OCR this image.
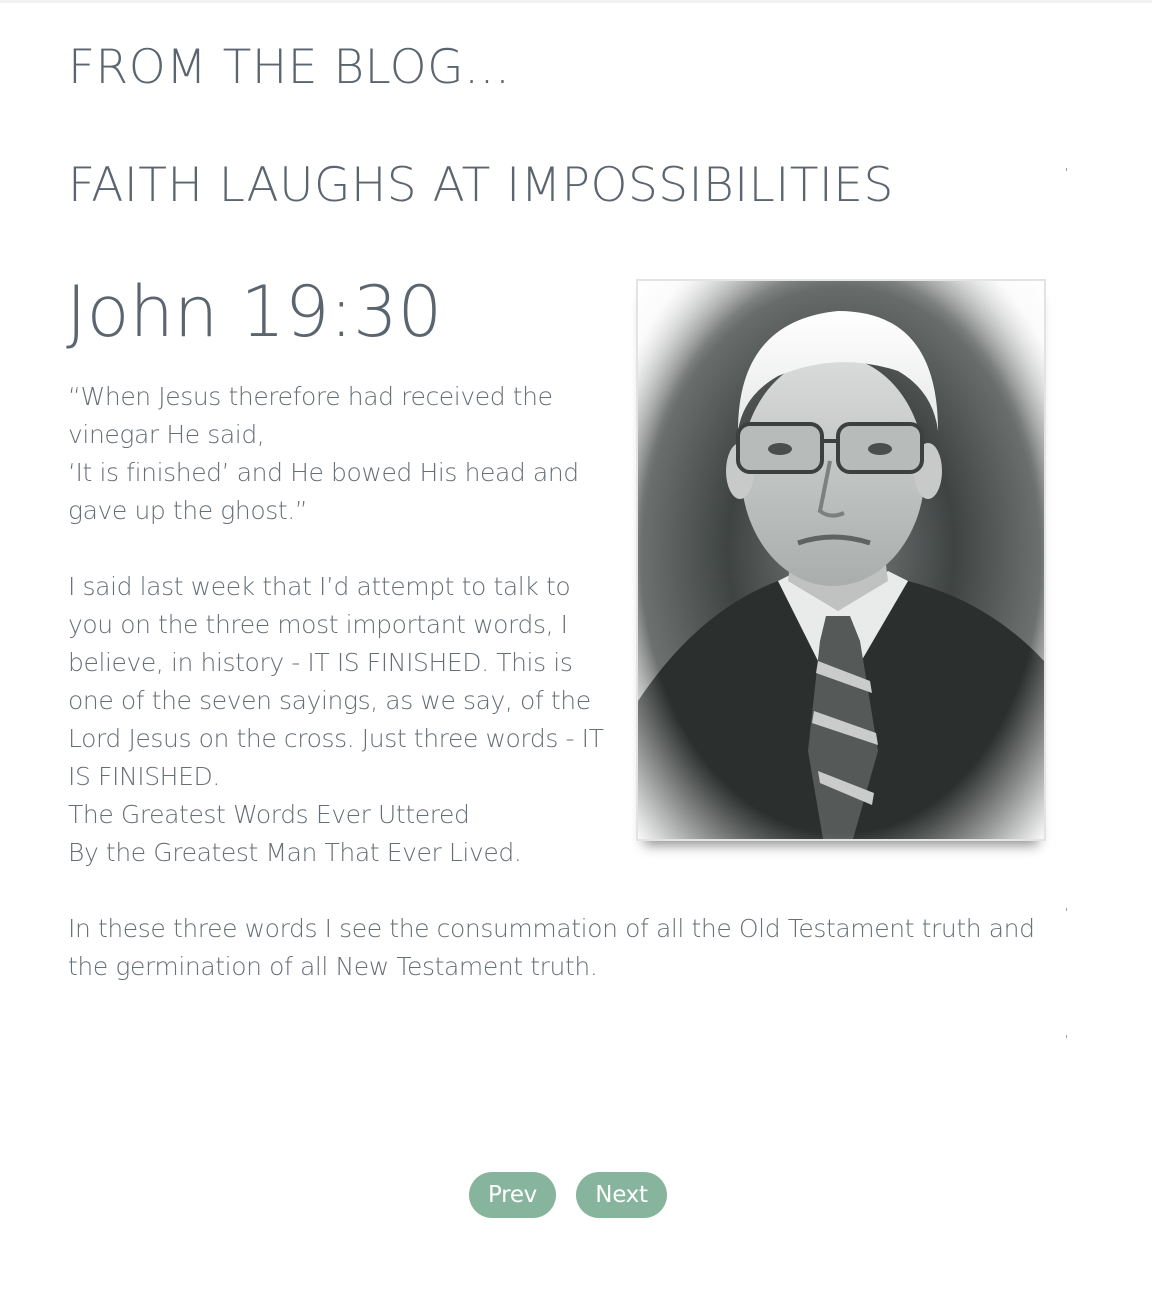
FROM THE BLOG...
FAITH LAUGHS AT IMPOSSIBILITIES
John 19:30

“When Jesus therefore had received the vinegar He said,

‘It is finished’ and He bowed His head and gave up the ghost.”

I said last week that I’d attempt to talk to you on the three most important words, I believe, in history - IT IS FINISHED. This is one of the seven sayings, as we say, of the Lord Jesus on the cross. Just three words - IT IS FINISHED.

The Greatest Words Ever Uttered

By the Greatest Man That Ever Lived.

In these three words I see the consummation of all the Old Testament truth and the germination of all New Testament truth.

Prev	Next
